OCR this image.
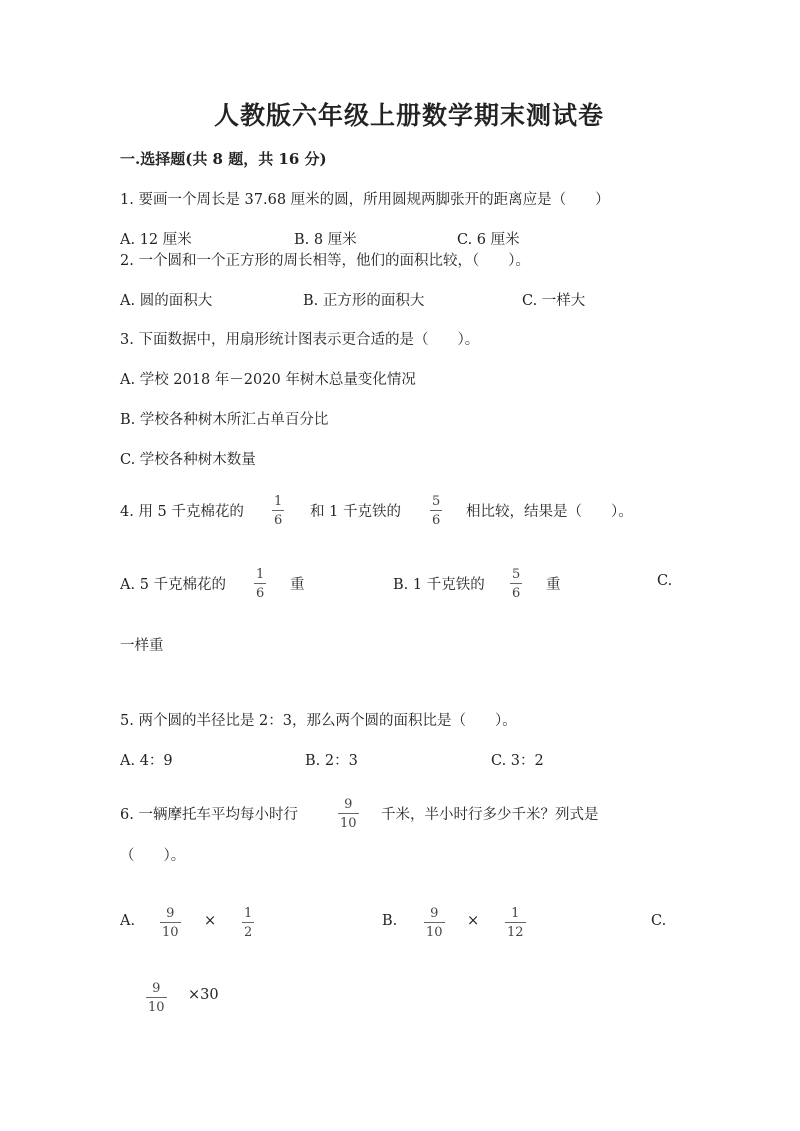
人教版六年级上册数学期末测试卷
一.选择题(共 8 题，共 16 分)
1. 要画一个周长是 37.68 厘米的圆，所用圆规两脚张开的距离应是（　　）
A. 12 厘米	B. 8 厘米	C. 6 厘米
2. 一个圆和一个正方形的周长相等，他们的面积比较，（　　）。
A. 圆的面积大	B. 正方形的面积大	C. 一样大
3. 下面数据中，用扇形统计图表示更合适的是（　　）。
A. 学校 2018 年－2020 年树木总量变化情况
B. 学校各种树木所汇占单百分比
C. 学校各种树木数量
4. 用 5 千克棉花的
1
6
和 1 千克铁的
5
6
相比较，结果是（　　）。
A. 5 千克棉花的
1
6
重	B. 1 千克铁的
5
6
重	C.
一样重
5. 两个圆的半径比是 2：3，那么两个圆的面积比是（　　）。
A. 4：9	B. 2：3	C. 3：2
6. 一辆摩托车平均每小时行
9
10
千米，半小时行多少千米？列式是
（　　）。
A. 9
10
× 1
2
B.	9
10
× 1
12
C.
9
10
×30
